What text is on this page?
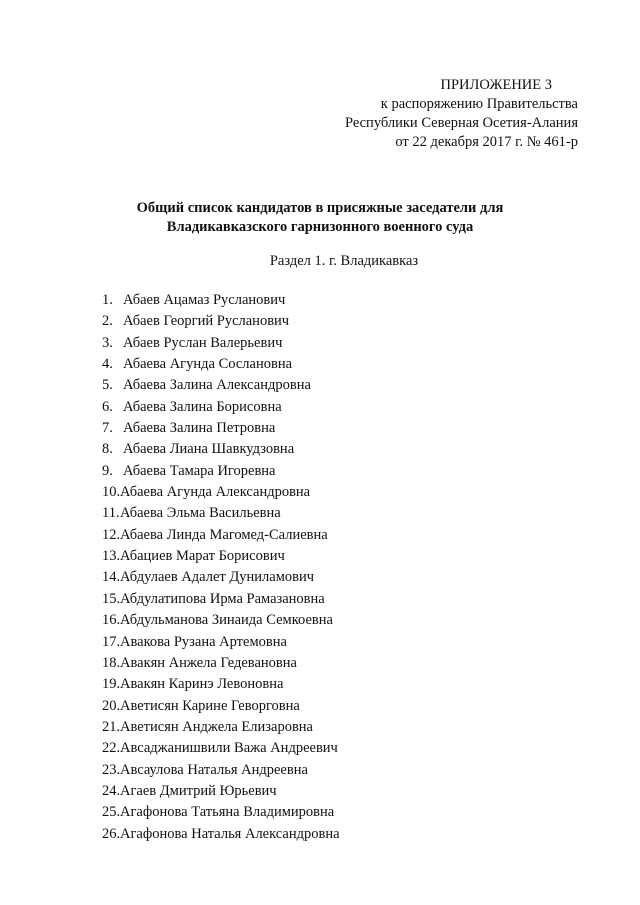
ПРИЛОЖЕНИЕ 3
к распоряжению Правительства
Республики Северная Осетия-Алания
от 22 декабря 2017 г. № 461-р
Общий список кандидатов в присяжные заседатели для
Владикавказского гарнизонного военного суда
Раздел 1. г. Владикавказ
1. Абаев Ацамаз Русланович
2. Абаев Георгий Русланович
3. Абаев Руслан Валерьевич
4. Абаева Агунда Сослановна
5. Абаева Залина Александровна
6. Абаева Залина Борисовна
7. Абаева Залина Петровна
8. Абаева Лиана Шавкудзовна
9. Абаева Тамара Игоревна
10.Абаева Агунда Александровна
11.Абаева Эльма Васильевна
12.Абаева Линда Магомед-Салиевна
13.Абациев Марат Борисович
14.Абдулаев Адалет Дуниламович
15.Абдулатипова Ирма Рамазановна
16.Абдульманова Зинаида Семкоевна
17.Авакова Рузана Артемовна
18.Авакян Анжела Гедевановна
19.Авакян Каринэ Левоновна
20.Аветисян Карине Геворговна
21.Аветисян Анджела Елизаровна
22.Авсаджанишвили Важа Андреевич
23.Авсаулова Наталья Андреевна
24.Агаев Дмитрий Юрьевич
25.Агафонова Татьяна Владимировна
26.Агафонова Наталья Александровна
